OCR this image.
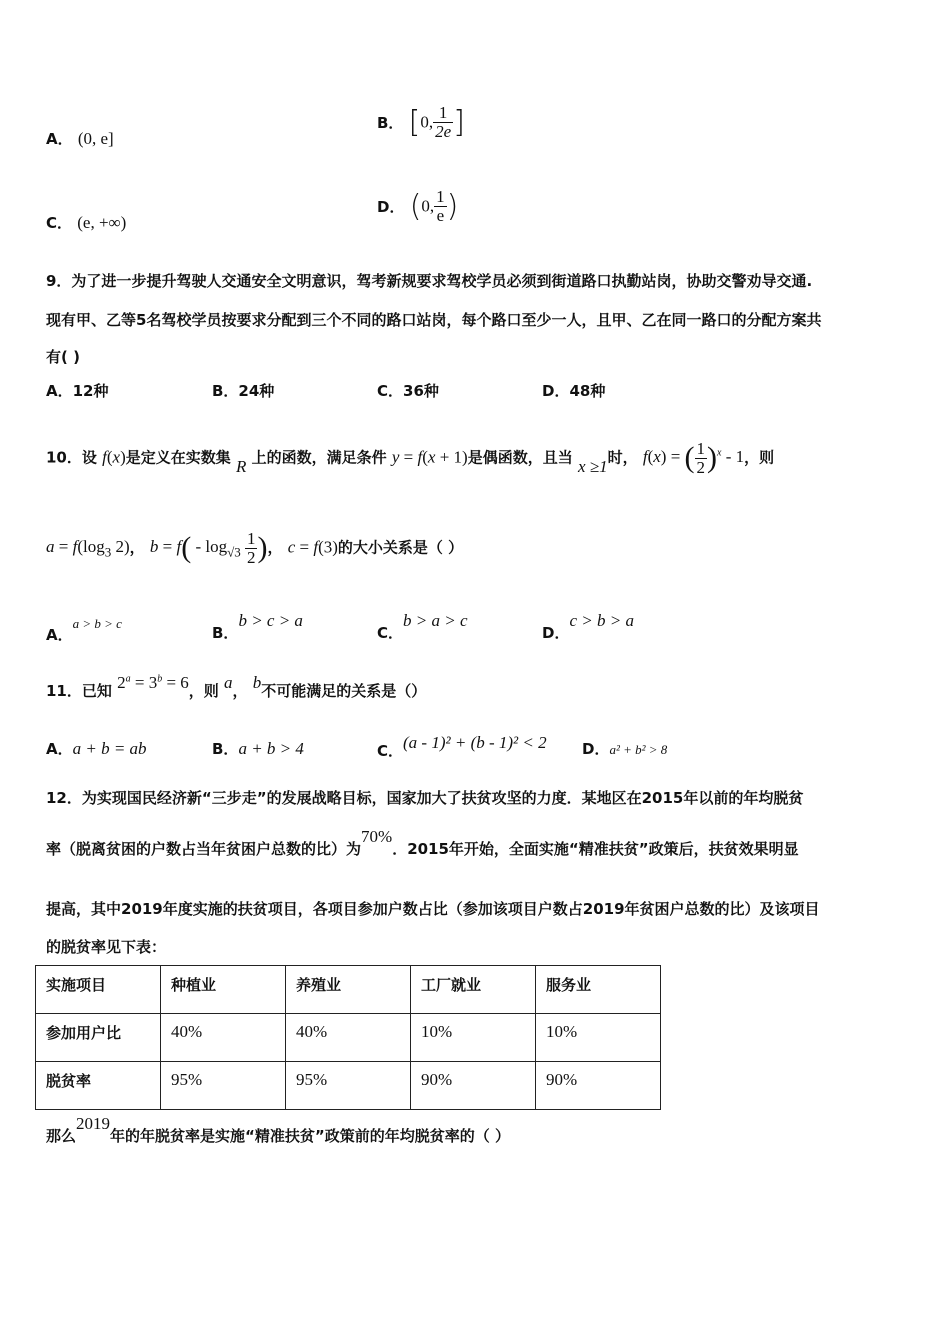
A． (0, e]
B． [0, $\frac{1}{2e}$ ]
C． (e, +∞)
D． (0, $\frac{1}{e}$ )
9．为了进一步提升驾驶人交通安全文明意识，驾考新规要求驾校学员必须到街道路口执勤站岗，协助交警劝导交通.
现有甲、乙等5名驾校学员按要求分配到三个不同的路口站岗，每个路口至少一人，且甲、乙在同一路口的分配方案共
有( )
A．12种	B．24种	C．36种	D．48种
10．设 f(x)是定义在实数集 R 上的函数，满足条件 y = f(x + 1)是偶函数，且当 x ≥1时， f(x) = ( $\frac{1}{2} )^x - 1$，则
$a = f(\log_3$ 2)， $b = f( - \log_{√3} \frac{1}{2}$ )， c = f(3)的大小关系是（ ）
A．a > b > c
B．b > c > a
C．b > a > c
D．c > b > a
11．已知 $2^a = 3^b = 6$，则 a， b不可能满足的关系是（）
A．a + b = ab	B．a + b > 4	C．(a - 1)² + (b - 1)² < 2 D．a² + b² > 8
12．为实现国民经济新“三步走”的发展战略目标，国家加大了扶贫攻坚的力度．某地区在2015年以前的年均脱贫
率（脱离贫困的户数占当年贫困户总数的比）为70%．2015年开始，全面实施“精准扶贫”政策后，扶贫效果明显
提高，其中2019年度实施的扶贫项目，各项目参加户数占比（参加该项目户数占2019年贫困户总数的比）及该项目
的脱贫率见下表：
实施项目	种植业	养殖业	工厂就业	服务业
参加用户比	40%	40%	10%	10%
脱贫率	95%	95%	90%	90%
那么2019年的年脱贫率是实施“精准扶贫”政策前的年均脱贫率的（ ）
